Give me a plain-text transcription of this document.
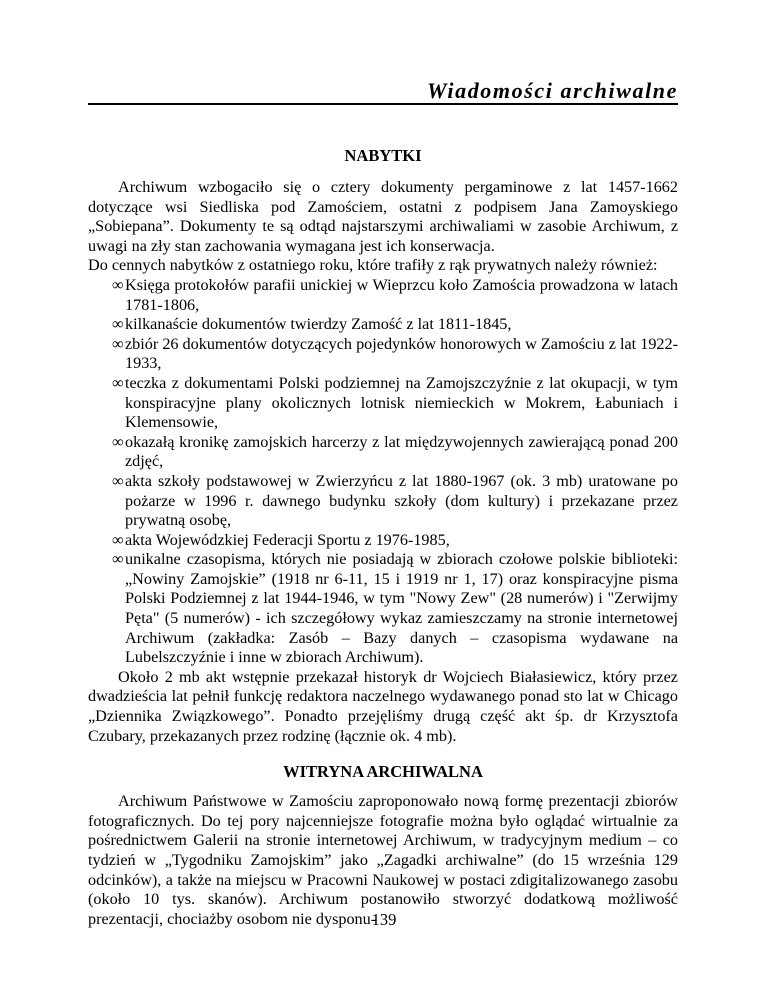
Wiadomości archiwalne
NABYTKI

Archiwum wzbogaciło się o cztery dokumenty pergaminowe z lat 1457-1662 dotyczące wsi Siedliska pod Zamościem, ostatni z podpisem Jana Zamoyskiego „Sobiepana”. Dokumenty te są odtąd najstarszymi archiwaliami w zasobie Archiwum, z uwagi na zły stan zachowania wymagana jest ich konserwacja.

Do cennych nabytków z ostatniego roku, które trafiły z rąk prywatnych należy również:

∞Księga protokołów parafii unickiej w Wieprzcu koło Zamościa prowadzona w latach 1781-1806,
∞kilkanaście dokumentów twierdzy Zamość z lat 1811-1845,
∞zbiór 26 dokumentów dotyczących pojedynków honorowych w Zamościu z lat 1922-1933,
∞teczka z dokumentami Polski podziemnej na Zamojszczyźnie z lat okupacji, w tym konspiracyjne plany okolicznych lotnisk niemieckich w Mokrem, Łabuniach i Klemensowie,
∞okazałą kronikę zamojskich harcerzy z lat międzywojennych zawierającą ponad 200 zdjęć,
∞akta szkoły podstawowej w Zwierzyńcu z lat 1880-1967 (ok. 3 mb) uratowane po pożarze w 1996 r. dawnego budynku szkoły (dom kultury) i przekazane przez prywatną osobę,
∞akta Wojewódzkiej Federacji Sportu z 1976-1985,
∞unikalne czasopisma, których nie posiadają w zbiorach czołowe polskie biblioteki: „Nowiny Zamojskie” (1918 nr 6-11, 15 i 1919 nr 1, 17) oraz konspiracyjne pisma Polski Podziemnej z lat 1944-1946, w tym "Nowy Zew" (28 numerów) i "Zerwijmy Pęta" (5 numerów) - ich szczegółowy wykaz zamieszczamy na stronie internetowej Archiwum (zakładka: Zasób – Bazy danych – czasopisma wydawane na Lubelszczyźnie i inne w zbiorach Archiwum).

Około 2 mb akt wstępnie przekazał historyk dr Wojciech Białasiewicz, który przez dwadzieścia lat pełnił funkcję redaktora naczelnego wydawanego ponad sto lat w Chicago „Dziennika Związkowego”. Ponadto przejęliśmy drugą część akt śp. dr Krzysztofa Czubary, przekazanych przez rodzinę (łącznie ok. 4 mb).

WITRYNA ARCHIWALNA

Archiwum Państwowe w Zamościu zaproponowało nową formę prezentacji zbiorów fotograficznych. Do tej pory najcenniejsze fotografie można było oglądać wirtualnie za pośrednictwem Galerii na stronie internetowej Archiwum, w tradycyjnym medium – co tydzień w „Tygodniku Zamojskim” jako „Zagadki archiwalne” (do 15 września 129 odcinków), a także na miejscu w Pracowni Naukowej w postaci zdigitalizowanego zasobu (około 10 tys. skanów). Archiwum postanowiło stworzyć dodatkową możliwość prezentacji, chociażby osobom nie dysponu-

139
